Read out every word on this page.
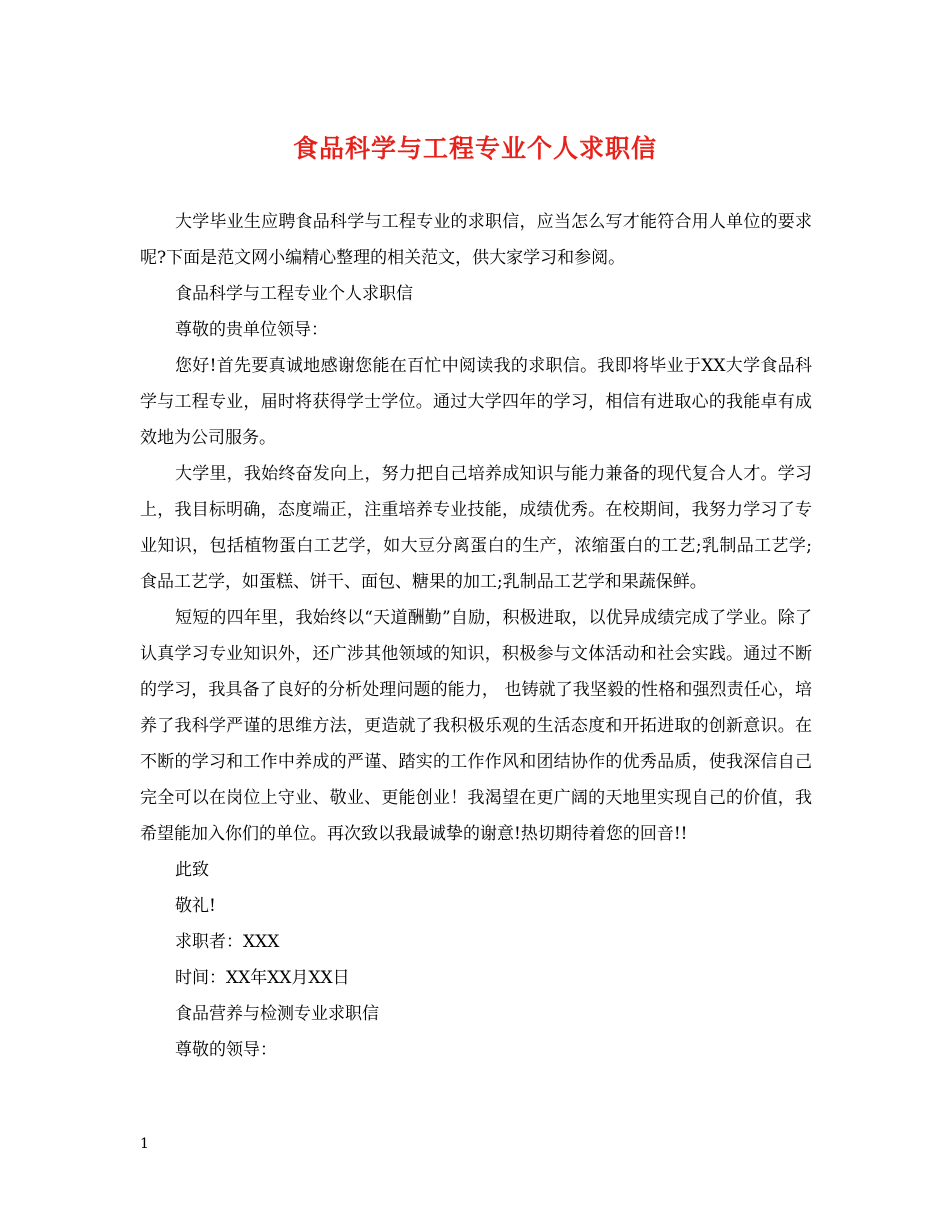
食品科学与工程专业个人求职信

大学毕业生应聘食品科学与工程专业的求职信，应当怎么写才能符合用人单位的要求呢?下面是范文网小编精心整理的相关范文，供大家学习和参阅。

食品科学与工程专业个人求职信

尊敬的贵单位领导：

您好!首先要真诚地感谢您能在百忙中阅读我的求职信。我即将毕业于XX大学食品科学与工程专业，届时将获得学士学位。通过大学四年的学习，相信有进取心的我能卓有成效地为公司服务。

大学里，我始终奋发向上，努力把自己培养成知识与能力兼备的现代复合人才。学习上，我目标明确，态度端正，注重培养专业技能，成绩优秀。在校期间，我努力学习了专业知识，包括植物蛋白工艺学，如大豆分离蛋白的生产，浓缩蛋白的工艺;乳制品工艺学;食品工艺学，如蛋糕、饼干、面包、糖果的加工;乳制品工艺学和果蔬保鲜。

短短的四年里，我始终以“天道酬勤”自励，积极进取，以优异成绩完成了学业。除了认真学习专业知识外，还广涉其他领域的知识，积极参与文体活动和社会实践。通过不断的学习，我具备了良好的分析处理问题的能力， 也铸就了我坚毅的性格和强烈责任心，培养了我科学严谨的思维方法，更造就了我积极乐观的生活态度和开拓进取的创新意识。在不断的学习和工作中养成的严谨、踏实的工作作风和团结协作的优秀品质，使我深信自己完全可以在岗位上守业、敬业、更能创业！我渴望在更广阔的天地里实现自己的价值，我希望能加入你们的单位。再次致以我最诚挚的谢意!热切期待着您的回音!!

此致

敬礼!

求职者：XXX

时间：XX年XX月XX日

食品营养与检测专业求职信

尊敬的领导：

1
